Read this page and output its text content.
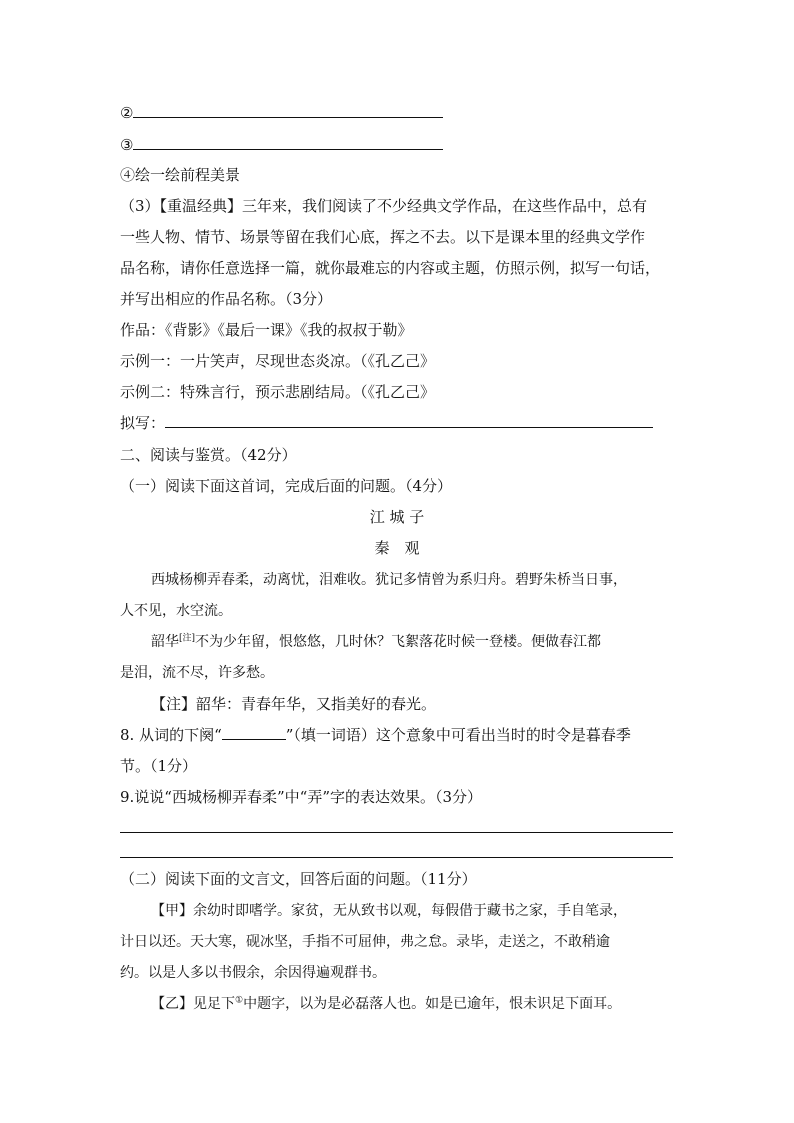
②
③
④绘一绘前程美景
（3）【重温经典】三年来，我们阅读了不少经典文学作品，在这些作品中，总有
一些人物、情节、场景等留在我们心底，挥之不去。以下是课本里的经典文学作
品名称，请你任意选择一篇，就你最难忘的内容或主题，仿照示例，拟写一句话，
并写出相应的作品名称。（3分）
作品：《背影》《最后一课》《我的叔叔于勒》
示例一：一片笑声，尽现世态炎凉。（《孔乙己》
示例二：特殊言行，预示悲剧结局。（《孔乙己》
拟写：
二、阅读与鉴赏。（42分）
（一）阅读下面这首词，完成后面的问题。（4分）
江 城 子
秦　观
西城杨柳弄春柔，动离忧，泪难收。犹记多情曾为系归舟。碧野朱桥当日事，
人不见，水空流。
韶华[注]不为少年留，恨悠悠，几时休？飞絮落花时候一登楼。便做春江都
是泪，流不尽，许多愁。
【注】韶华：青春年华，又指美好的春光。
8. 从词的下阕“	”（填一词语）这个意象中可看出当时的时令是暮春季
节。（1分）
9.说说“西城杨柳弄春柔”中“弄”字的表达效果。（3分）
（二）阅读下面的文言文，回答后面的问题。（11分）
【甲】余幼时即嗜学。家贫，无从致书以观，每假借于藏书之家，手自笔录，
计日以还。天大寒，砚冰坚，手指不可屈伸，弗之怠。录毕，走送之，不敢稍逾
约。以是人多以书假余，余因得遍观群书。
【乙】见足下①中题字，以为是必磊落人也。如是已逾年，恨未识足下面耳。
